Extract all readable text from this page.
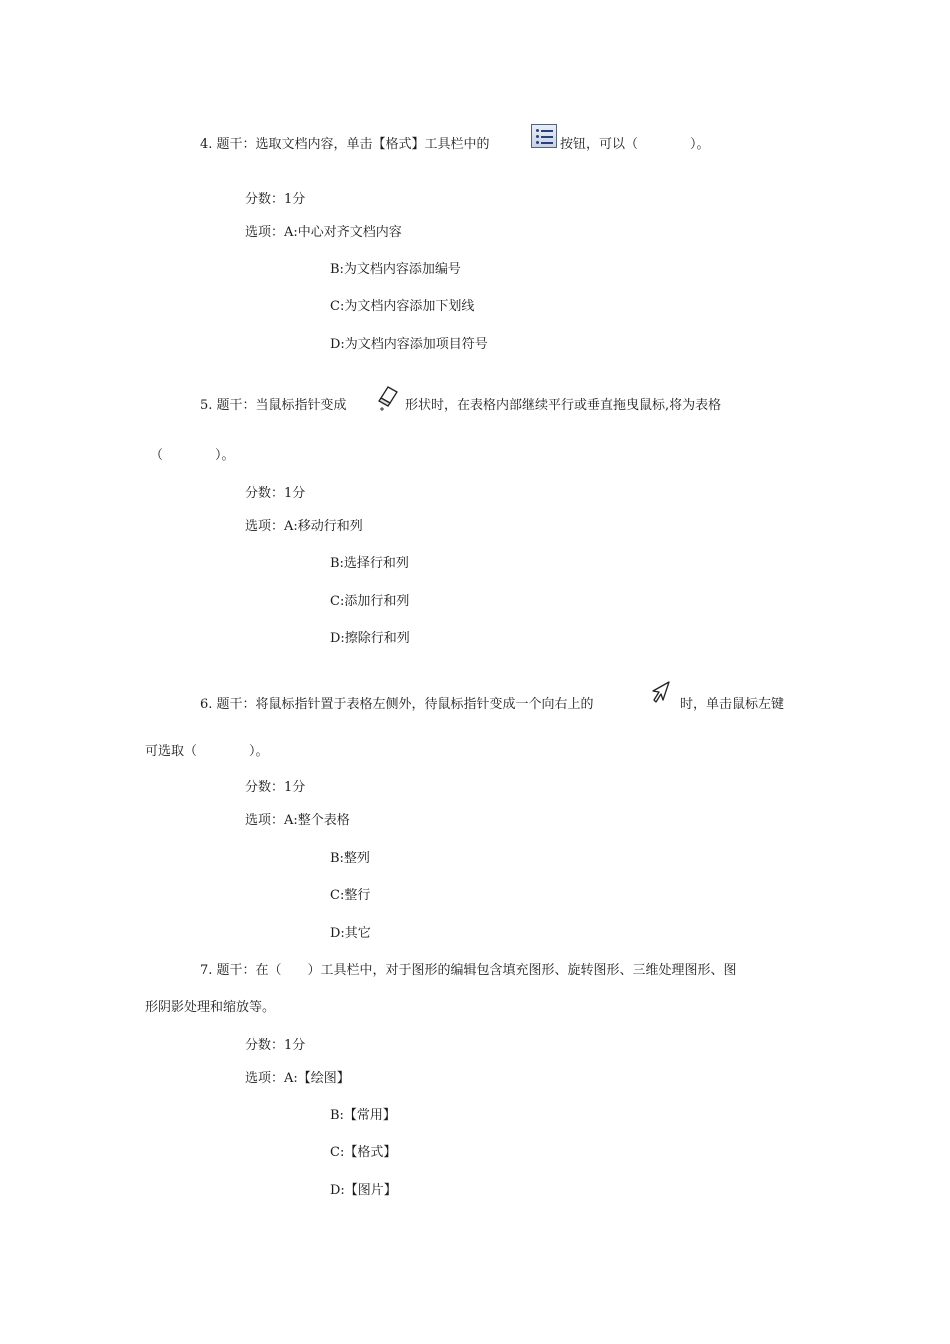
4. 题干：选取文档内容，单击【格式】工具栏中的	按钮，可以（　　　　）。
分数：1分
选项：A:中心对齐文档内容
B:为文档内容添加编号
C:为文档内容添加下划线
D:为文档内容添加项目符号
5. 题干：当鼠标指针变成	形状时，在表格内部继续平行或垂直拖曳鼠标,将为表格
（　　　　）。
分数：1分
选项：A:移动行和列
B:选择行和列
C:添加行和列
D:擦除行和列
6. 题干：将鼠标指针置于表格左侧外，待鼠标指针变成一个向右上的	时，单击鼠标左键
可选取（　　　　）。
分数：1分
选项：A:整个表格
B:整列
C:整行
D:其它
7. 题干：在（　　）工具栏中，对于图形的编辑包含填充图形、旋转图形、三维处理图形、图
形阴影处理和缩放等。
分数：1分
选项：A:【绘图】
B:【常用】
C:【格式】
D:【图片】
